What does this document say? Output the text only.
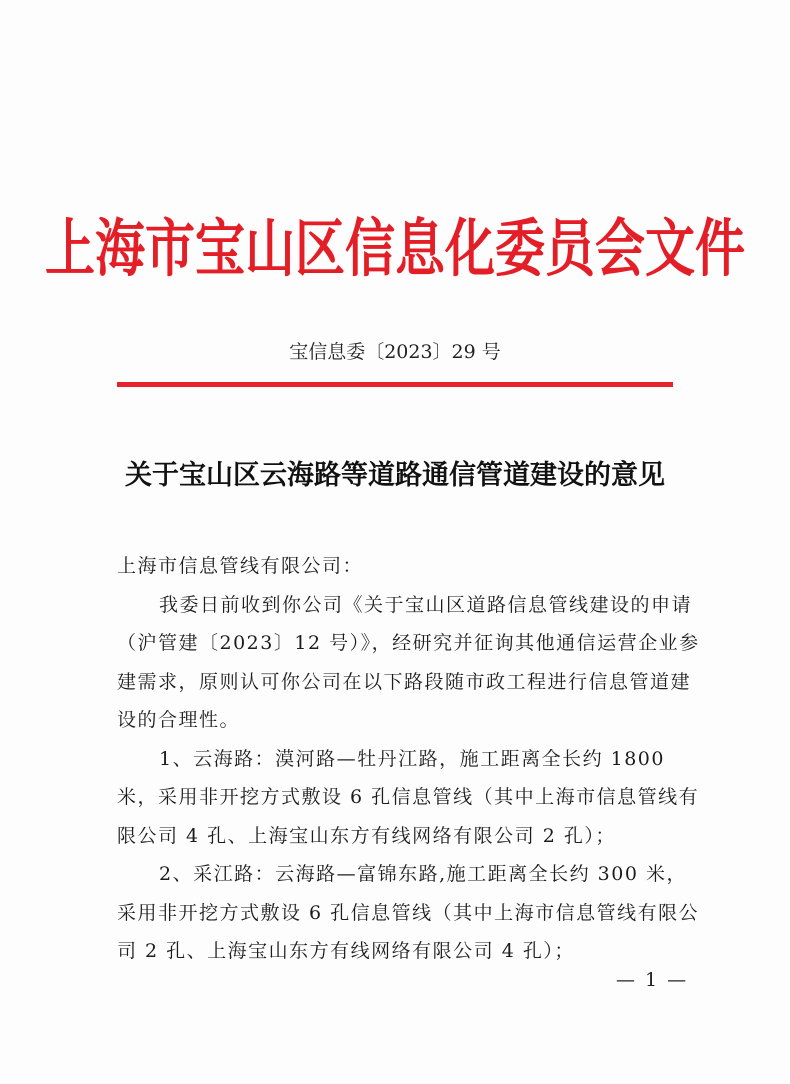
上海市宝山区信息化委员会文件
宝信息委〔2023〕29 号
关于宝山区云海路等道路通信管道建设的意见

上海市信息管线有限公司：

我委日前收到你公司《关于宝山区道路信息管线建设的申请（沪管建〔2023〕12 号）》，经研究并征询其他通信运营企业参建需求，原则认可你公司在以下路段随市政工程进行信息管道建设的合理性。

1、云海路：漠河路—牡丹江路，施工距离全长约 1800 米，采用非开挖方式敷设 6 孔信息管线（其中上海市信息管线有限公司 4 孔、上海宝山东方有线网络有限公司 2 孔）；

2、采江路：云海路—富锦东路,施工距离全长约 300 米，采用非开挖方式敷设 6 孔信息管线（其中上海市信息管线有限公司 2 孔、上海宝山东方有线网络有限公司 4 孔）；

— 1 —
